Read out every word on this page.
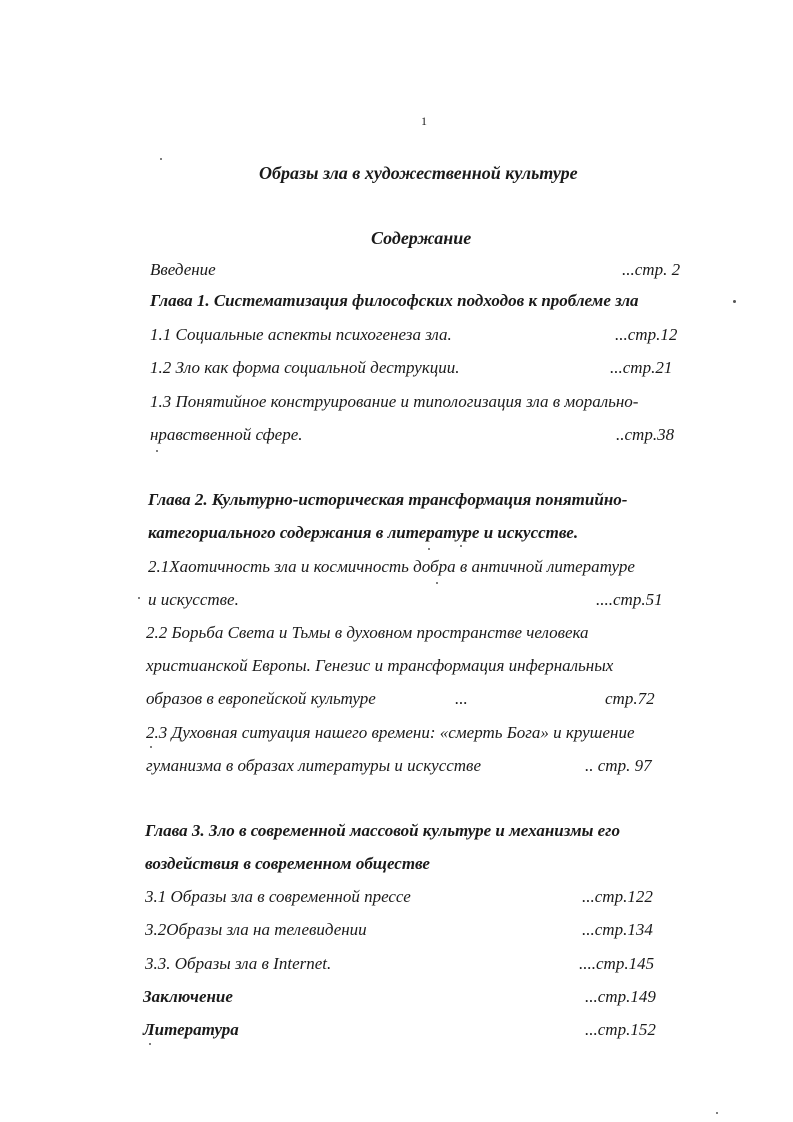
1
Образы зла в художественной культуре
Содержание
Введение	...стр. 2
Глава 1. Систематизация философских подходов к проблеме зла
1.1 Социальные аспекты психогенеза зла.	...стр.12
1.2 Зло как форма социальной деструкции.	...стр.21
1.3 Понятийное конструирование и типологизация зла в морально-
нравственной сфере.	..стр.38
Глава 2. Культурно-историческая трансформация понятийно-
категориального содержания в литературе и искусстве.
2.1Хаотичность зла и космичность добра в античной литературе
и искусстве.	....стр.51
2.2 Борьба Света и Тьмы в духовном пространстве человека
христианской Европы. Генезис и трансформация инфернальных
образов в европейской культуре	...	стр.72
2.3 Духовная ситуация нашего времени: «смерть Бога» и крушение
гуманизма в образах литературы и искусстве	.. стр. 97
Глава 3. Зло в современной массовой культуре и механизмы его
воздействия в современном обществе
3.1 Образы зла в современной прессе	...стр.122
3.2Образы зла на телевидении	...стр.134
3.3. Образы зла в Internet.	....стр.145
Заключение	...стр.149
Литература	...стр.152
